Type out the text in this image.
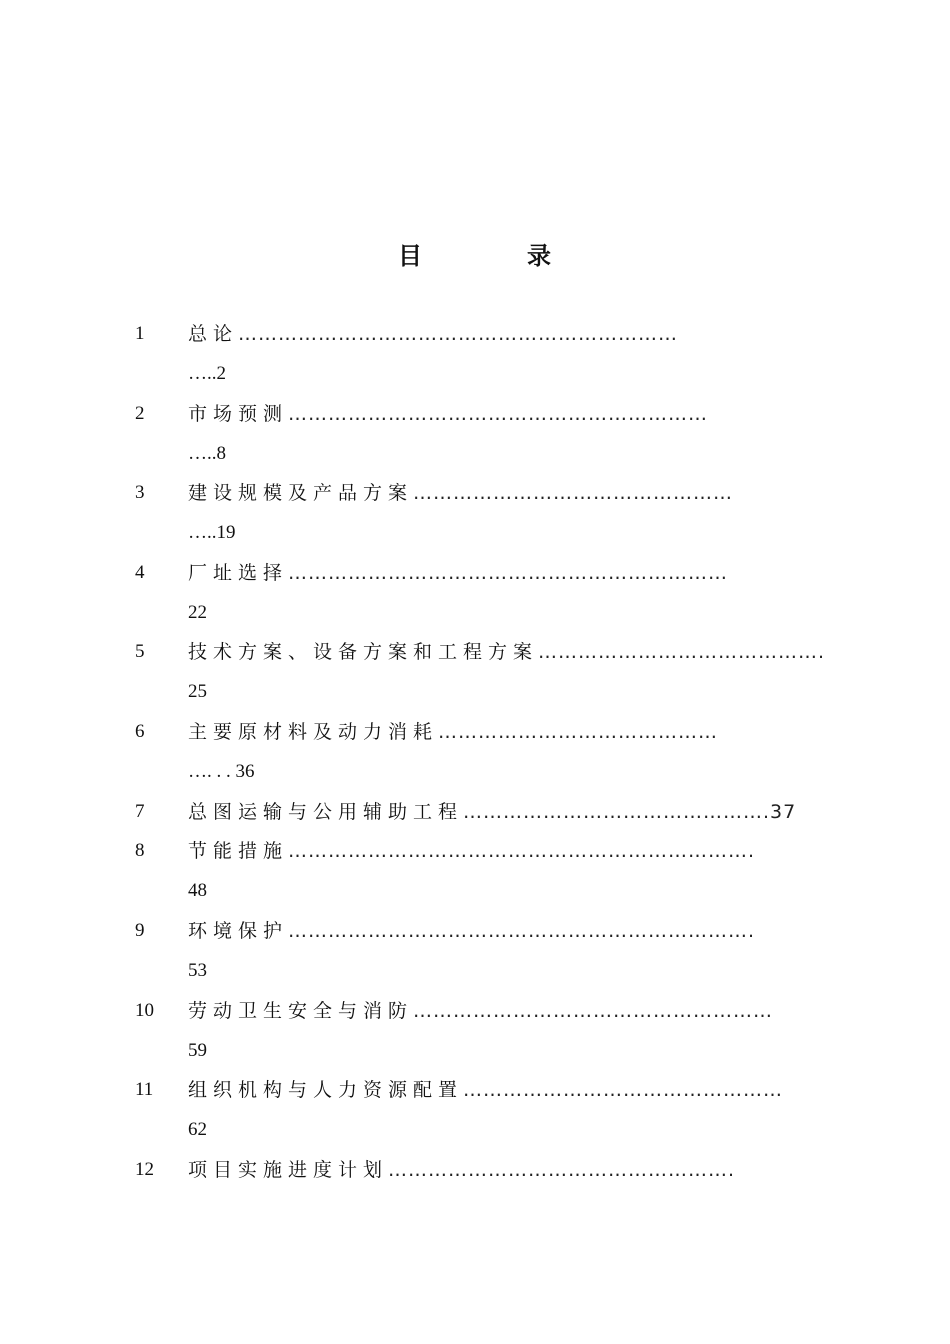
目	录
1 总论…………………………………………………………
…..2
2 市场预测………………………………………………………
…..8
3 建设规模及产品方案…………………………………………
…..19
4 厂址选择…………………………………………………………
22
5 技术方案、设备方案和工程方案…………………………………….
25
6 主要原材料及动力消耗……………………………………
…. . . 36
7 总图运输与公用辅助工程……………………………………….37
8 节能措施…………………………………………………………….
48
9 环境保护…………………………………………………………….
53
10 劳动卫生安全与消防………………………………………………
59
11 组织机构与人力资源配置…………………………………………
62
12 项目实施进度计划…………………………………………….
